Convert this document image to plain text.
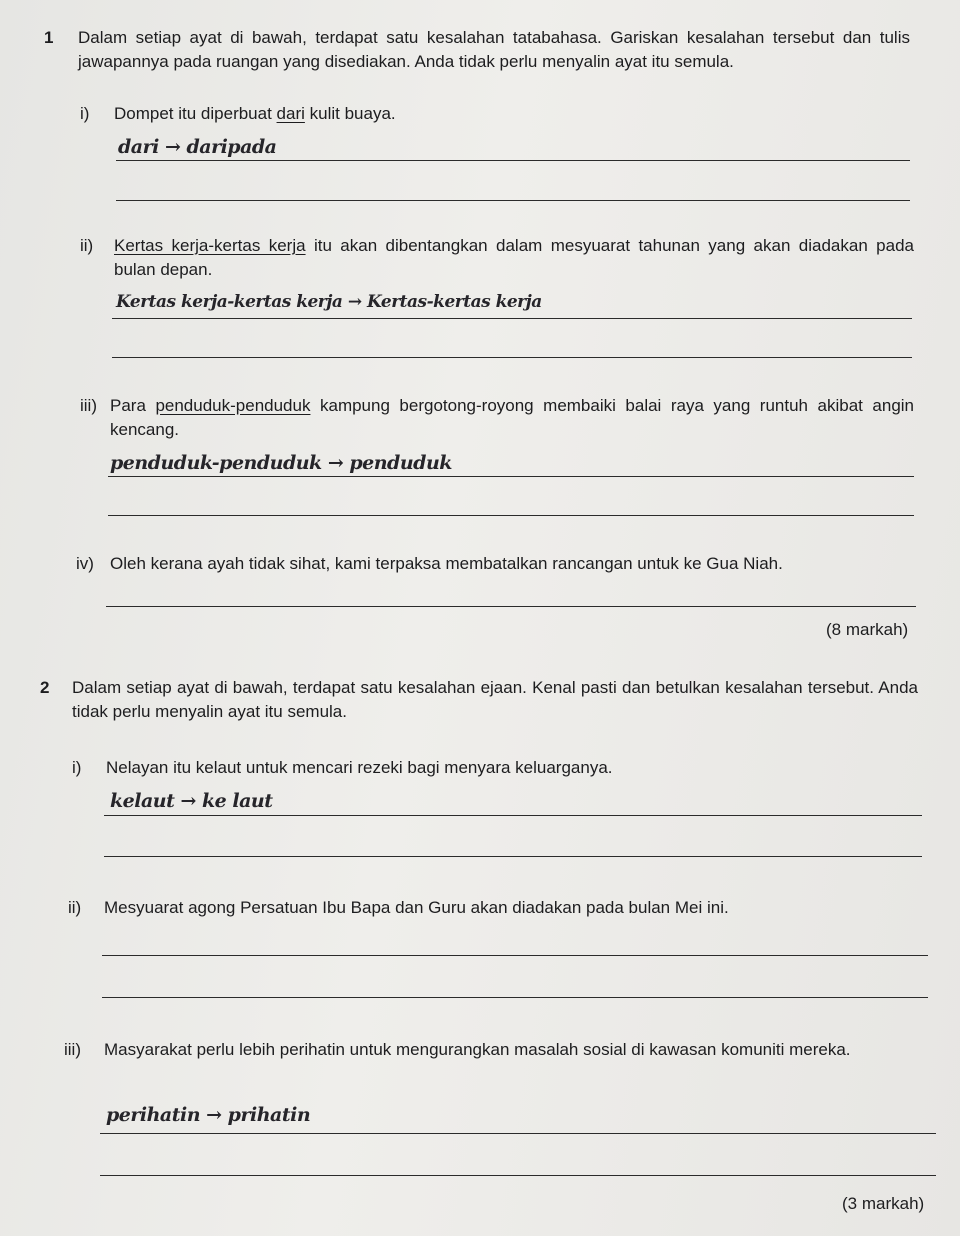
1 Dalam setiap ayat di bawah, terdapat satu kesalahan tatabahasa. Gariskan kesalahan tersebut dan tulis jawapannya pada ruangan yang disediakan. Anda tidak perlu menyalin ayat itu semula.
i) Dompet itu diperbuat dari kulit buaya.
dari → daripada
ii) Kertas kerja-kertas kerja itu akan dibentangkan dalam mesyuarat tahunan yang akan diadakan pada bulan depan.
Kertas kerja-kertas kerja → Kertas-kertas kerja
iii) Para penduduk-penduduk kampung bergotong-royong membaiki balai raya yang runtuh akibat angin kencang.
penduduk-penduduk → penduduk
iv) Oleh kerana ayah tidak sihat, kami terpaksa membatalkan rancangan untuk ke Gua Niah.
(8 markah)
2 Dalam setiap ayat di bawah, terdapat satu kesalahan ejaan. Kenal pasti dan betulkan kesalahan tersebut. Anda tidak perlu menyalin ayat itu semula.
i) Nelayan itu kelaut untuk mencari rezeki bagi menyara keluarganya.
kelaut → ke laut
ii) Mesyuarat agong Persatuan Ibu Bapa dan Guru akan diadakan pada bulan Mei ini.
iii) Masyarakat perlu lebih perihatin untuk mengurangkan masalah sosial di kawasan komuniti mereka.
perihatin → prihatin
(3 markah)
